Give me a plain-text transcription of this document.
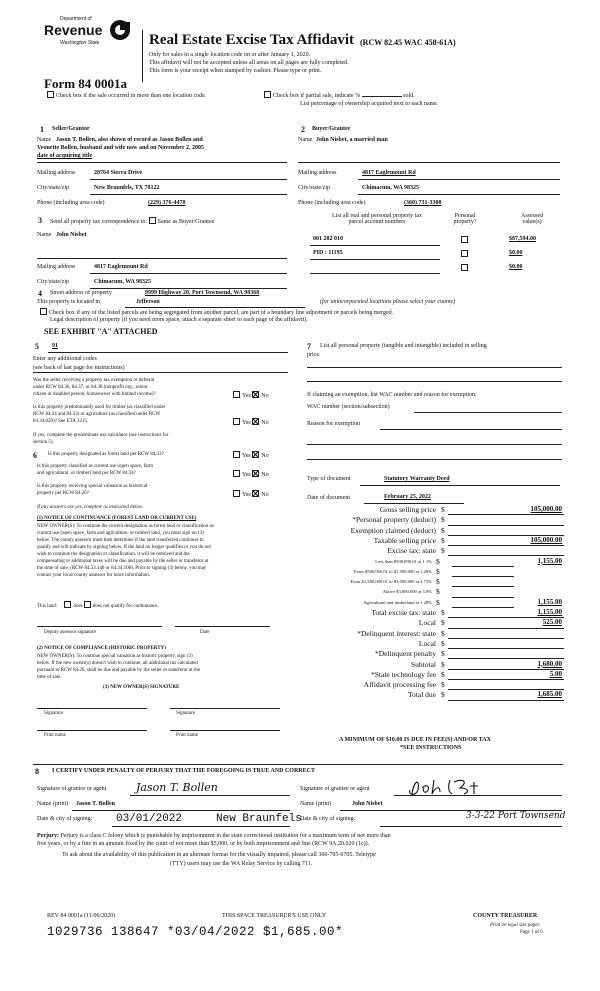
Department of
Revenue
Washington State
Form 84 0001a
Real Estate Excise Tax Affidavit (RCW 82.45 WAC 458-61A)
Only for sales in a single location code on or after January 1, 2020.
This affidavit will not be accepted unless all areas on all pages are fully completed.
This form is your receipt when stamped by cashier. Please type or print.
Check box if the sale occurred in more than one location code.	Check box if partial sale, indicate %	sold.
List percentage of ownership acquired next to each name.
1 Seller/Grantor
Name Jason T. Bollen, also shown of record as Jason Bollen and
Veonette Bollen, husband and wife now and on November 2, 2005
date of acquiring title
Mailing address	28764 Sierra Drive
City/state/zip	New Braunfels, TX 78122
Phone (including area code)	(229) 376-4470
2 Buyer/Grantee
Name John Nisbet, a married man
Mailing address	4817 Eaglemount Rd
City/state/zip	Chimacum, WA 98325
Phone (including area code)	(360) 731-3308
3 Send all property tax correspondence to: Same as Buyer/Grantee
Name John Nisbet
Mailing address	4817 Eaglemount Rd
City/state/zip	Chimacum, WA 98325
List all real and personal property tax
parcel account numbers
Personal
property?
Assessed
value(s)
001 282 010	$87,594.00
PID : 11195	$0.00
$0.00
4 Street address of property	9999 Highway 20, Port Townsend, WA 98368
This property is located in	Jefferson	(for unincorporated locations please select your county)
Check box if any of the listed parcels are being segregated from another parcel, are part of a boundary line adjustment or parcels being merged.
Legal description of property (if you need more space, attach a separate sheet to each page of the affidavit).
SEE EXHIBIT "A" ATTACHED
5 91
Enter any additional codes
(see back of last page for instructions)
Was the seller receiving a property tax exemption or deferral
under RCW 84.36, 84.37, or 84.38 (nonprofit org., senior
citizen or disabled person, homeowner with limited income)?	Yes No
Is this property predominantly used for timber (as classified under
RCW 84.34 and 84.33) or agriculture (as classified under RCW
84.34.020)? See ETA 3215.	Yes No
If yes, complete the predominate use calculator (see instructions for
section 5).
6 Is this property designated as forest land per RCW 84.33?	Yes No
Is this property classified as current use (open space, farm
and agricultural, or timber) land per RCW 84.34?	Yes No
Is this property receiving special valuation as historical
property per RCW 84.26?	Yes No
If any answers are yes, complete as instructed below.
(1) NOTICE OF CONTINUANCE (FOREST LAND OR CURRENT USE)
NEW OWNER(S): To continue the current designation as forest land or classification as
current use (open space, farm and agriculture, or timber) land, you must sign on (3)
below. The county assessor must then determine if the land transferred continues to
qualify and will indicate by signing below. If the land no longer qualifies or you do not
wish to continue the designation or classification, it will be removed and the
compensating or additional taxes will be due and payable by the seller or transferor at
the time of sale. (RCW 84.33.140 or 84.34.108). Prior to signing (3) below, you may
contact your local county assessor for more information.
This land:	does does not qualify for continuance.
Deputy assessor signature	Date
(2) NOTICE OF COMPLIANCE (HISTORIC PROPERTY)
NEW OWNER(S): To continue special valuation as historic property, sign (3)
below. If the new owner(s) doesn't wish to continue, all additional tax calculated
pursuant to RCW 84.26, shall be due and payable by the seller or transferor at the
time of sale.
(3) NEW OWNER(S) SIGNATURE
Signature	Signature
Print name	Print name
7 List all personal property (tangible and intangible) included in selling
price.
If claiming an exemption, list WAC number and reason for exemption.
WAC number (section/subsection)
Reason for exemption
Type of document	Statutory Warranty Deed
Date of document	February 25, 2022
Gross selling price $	105,000.00
*Personal property (deduct) $
Exemption claimed (deduct) $
Taxable selling price $	105,000.00
Excise tax: state $
Less than $500,000.01 at 1.1% $	1,155.00
From $500,000.01 to $1,500,000 at 1.28% $
From $1,500,000.01 to $3,000,000 at 2.75% $
Above $3,000,000 at 3.0% $
Agricultural and timberland at 1.28% $	1,155.00
Total excise tax: state $	1,155.00
Local $	525.00
*Delinquent interest: state $
Local $
*Delinquent penalty $
Subtotal $	1,680.00
*State technology fee $	5.00
Affidavit processing fee $
Total due $	1,685.00
A MINIMUM OF $10.00 IS DUE IN FEE(S) AND/OR TAX
*SEE INSTRUCTIONS
8 I CERTIFY UNDER PENALTY OF PERJURY THAT THE FOREGOING IS TRUE AND CORRECT
Signature of grantor or agent	Jason T. Bollen
Name (print) Jason T. Bollen
Date & city of signing: 03/01/2022	New Braunfels
Signature of grantee or agent
Name (print)	John Nisbet
Date & city of signing:	3-3-22 Port Townsend
Perjury: Perjury is a class C felony which is punishable by imprisonment in the state correctional institution for a maximum term of not more than
five years, or by a fine in an amount fixed by the court of not more than $5,000, or by both imprisonment and fine (RCW 9A.20.020 (1c)).
To ask about the availability of this publication in an alternate format for the visually impaired, please call 360-705-6705. Teletype
(TTY) users may use the WA Relay Service by calling 711.
REV 84 0001a (11/06/2020)	THIS SPACE TREASURER'S USE ONLY	COUNTY TREASURER
Print on legal size paper.
Page 1 of 6
1029736 138647 *03/04/2022 $1,685.00*
